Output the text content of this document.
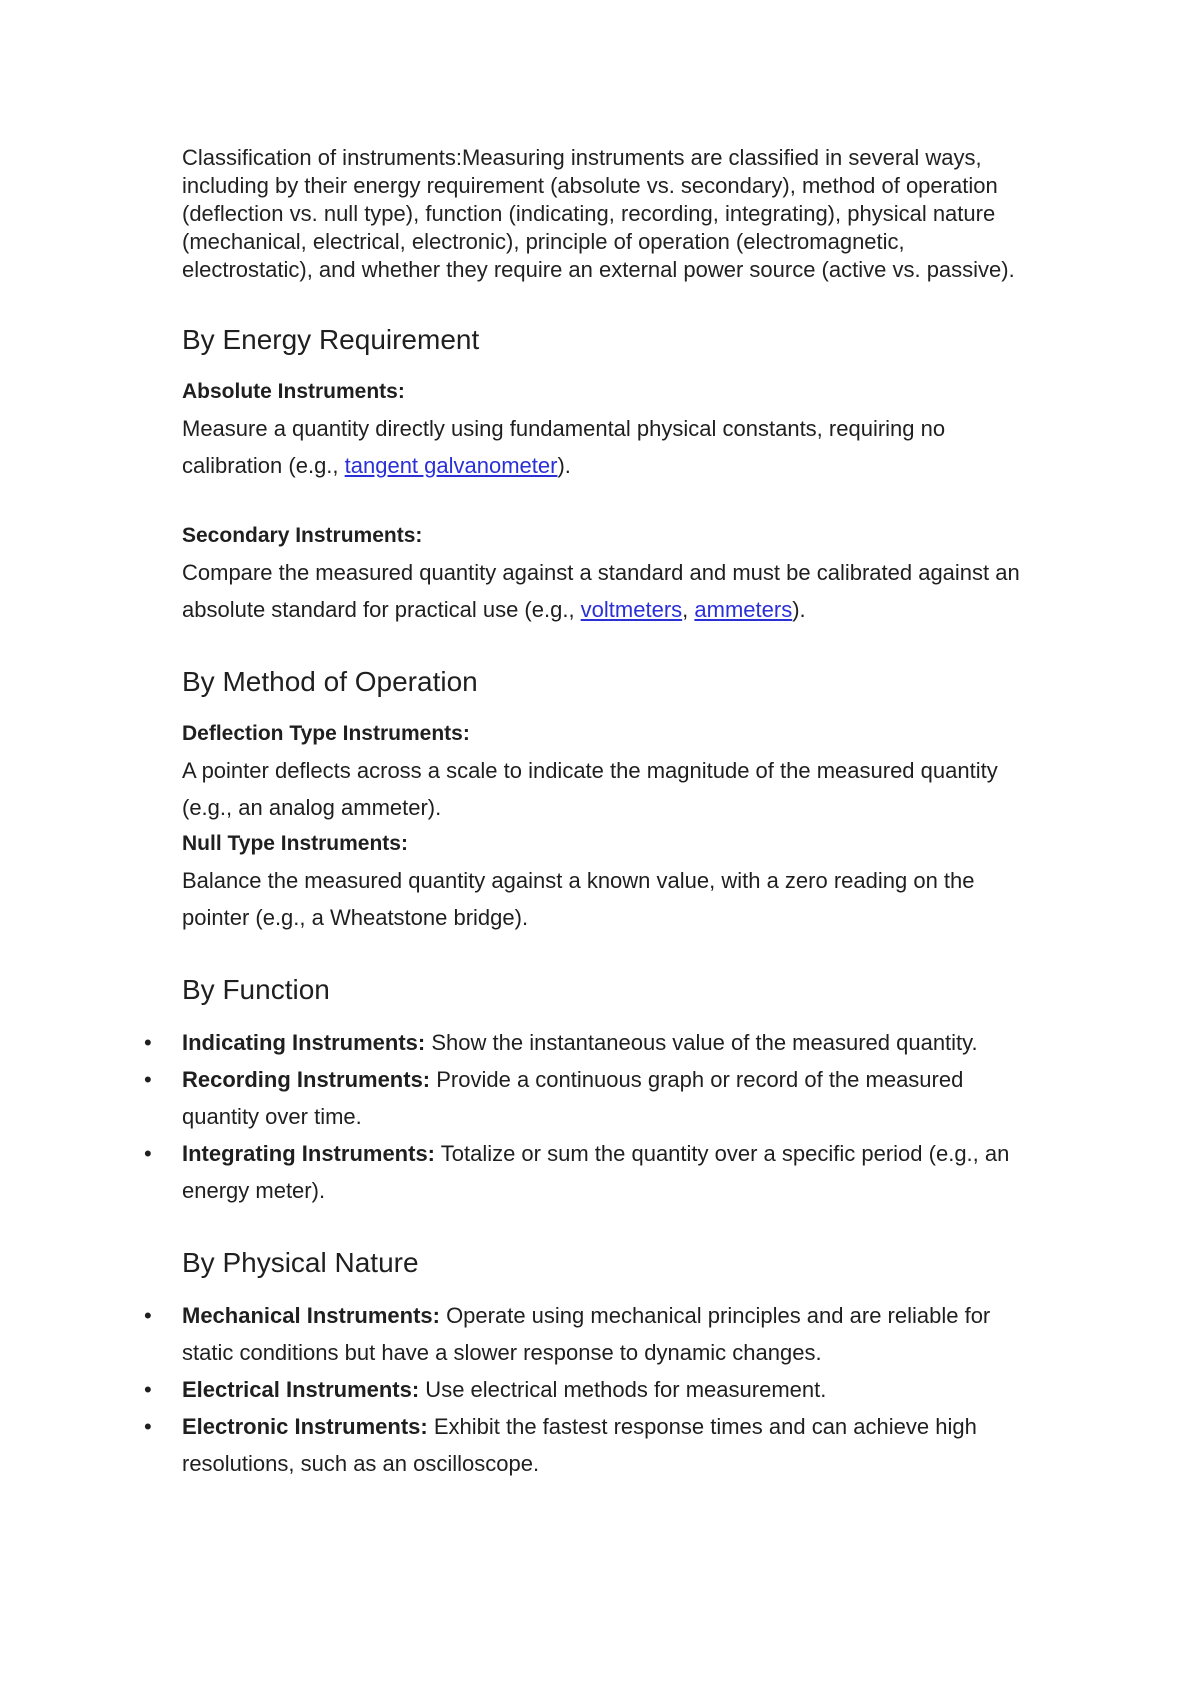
Classification of instruments:Measuring instruments are classified in several ways, including by their energy requirement (absolute vs. secondary), method of operation (deflection vs. null type), function (indicating, recording, integrating), physical nature (mechanical, electrical, electronic), principle of operation (electromagnetic, electrostatic), and whether they require an external power source (active vs. passive).

By Energy Requirement
Absolute Instruments:

Measure a quantity directly using fundamental physical constants, requiring no calibration (e.g., tangent galvanometer).

Secondary Instruments:

Compare the measured quantity against a standard and must be calibrated against an absolute standard for practical use (e.g., voltmeters, ammeters).

By Method of Operation
Deflection Type Instruments:

A pointer deflects across a scale to indicate the magnitude of the measured quantity (e.g., an analog ammeter).

Null Type Instruments:

Balance the measured quantity against a known value, with a zero reading on the pointer (e.g., a Wheatstone bridge).

By Function
• Indicating Instruments: Show the instantaneous value of the measured quantity.
• Recording Instruments: Provide a continuous graph or record of the measured quantity over time.
• Integrating Instruments: Totalize or sum the quantity over a specific period (e.g., an energy meter).
By Physical Nature
• Mechanical Instruments: Operate using mechanical principles and are reliable for static conditions but have a slower response to dynamic changes.
• Electrical Instruments: Use electrical methods for measurement.
• Electronic Instruments: Exhibit the fastest response times and can achieve high resolutions, such as an oscilloscope.
